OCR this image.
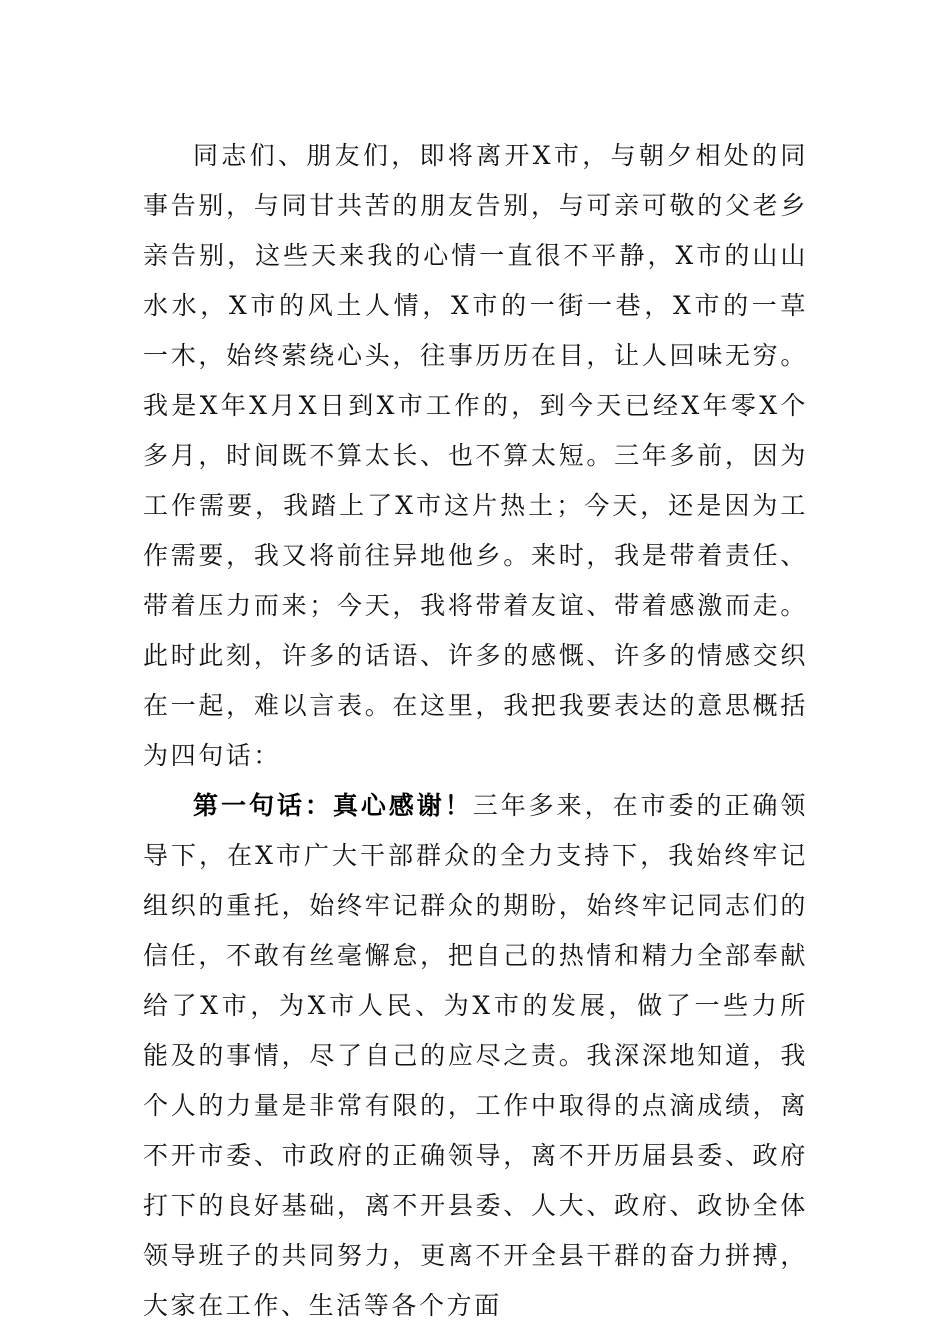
同志们、朋友们，即将离开X市，与朝夕相处的同事告别，与同甘共苦的朋友告别，与可亲可敬的父老乡亲告别，这些天来我的心情一直很不平静，X市的山山水水，X市的风土人情，X市的一街一巷，X市的一草一木，始终萦绕心头，往事历历在目，让人回味无穷。我是X年X月X日到X市工作的，到今天已经X年零X个多月，时间既不算太长、也不算太短。三年多前，因为工作需要，我踏上了X市这片热土；今天，还是因为工作需要，我又将前往异地他乡。来时，我是带着责任、带着压力而来；今天，我将带着友谊、带着感激而走。此时此刻，许多的话语、许多的感慨、许多的情感交织在一起，难以言表。在这里，我把我要表达的意思概括为四句话：

第一句话：真心感谢！三年多来，在市委的正确领导下，在X市广大干部群众的全力支持下，我始终牢记组织的重托，始终牢记群众的期盼，始终牢记同志们的信任，不敢有丝毫懈怠，把自己的热情和精力全部奉献给了X市，为X市人民、为X市的发展，做了一些力所能及的事情，尽了自己的应尽之责。我深深地知道，我个人的力量是非常有限的，工作中取得的点滴成绩，离不开市委、市政府的正确领导，离不开历届县委、政府打下的良好基础，离不开县委、人大、政府、政协全体领导班子的共同努力，更离不开全县干群的奋力拼搏，大家在工作、生活等各个方面
